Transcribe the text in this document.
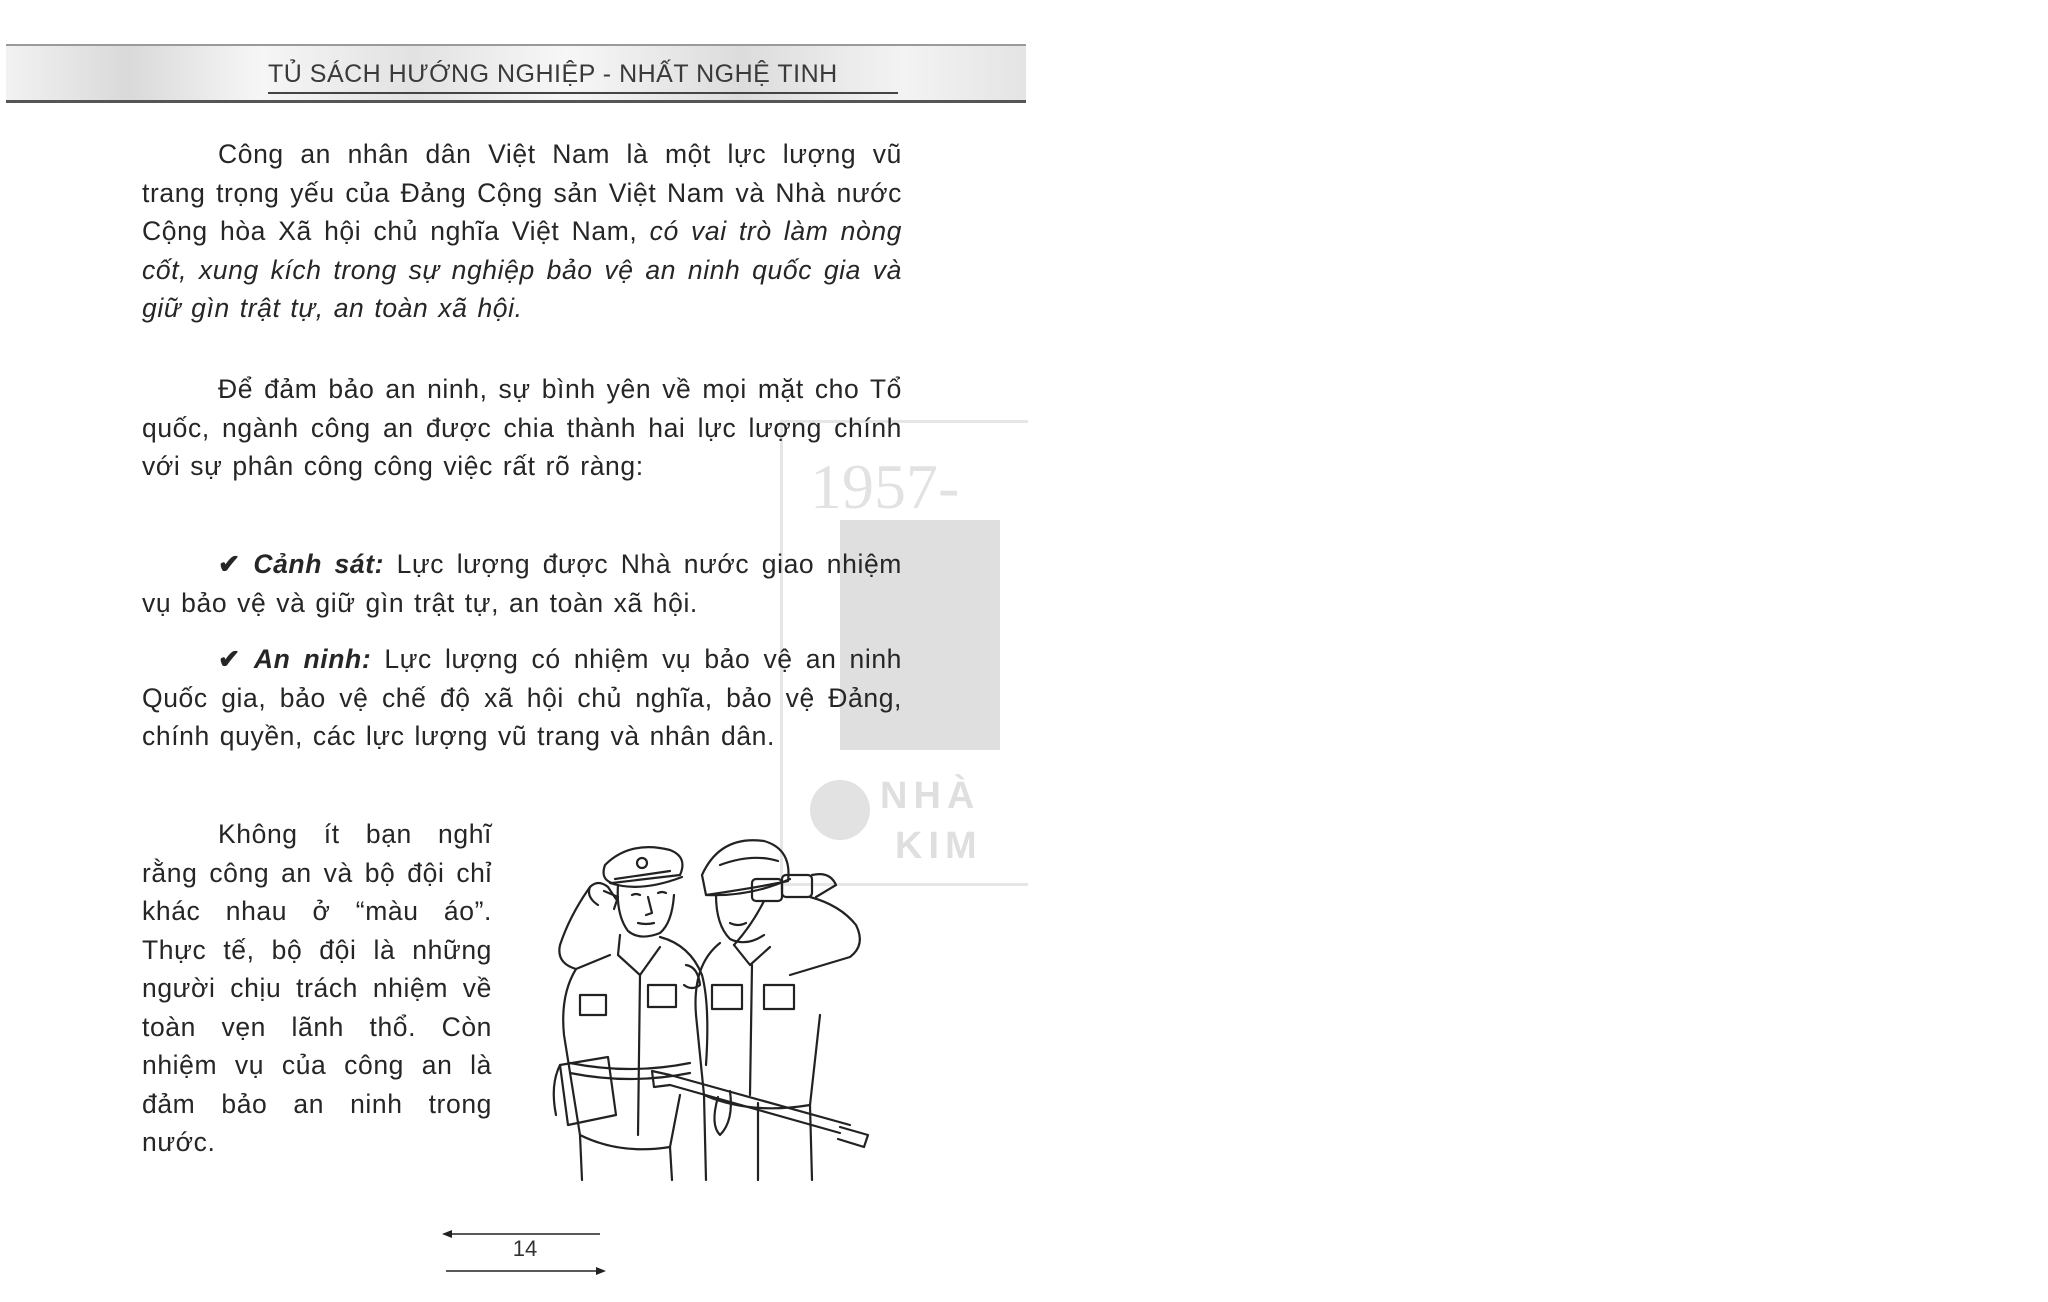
TỦ SÁCH HƯỚNG NGHIỆP - NHẤT NGHỆ TINH
1957-
NHÀ
KIM
Công an nhân dân Việt Nam là một lực lượng vũ trang trọng yếu của Đảng Cộng sản Việt Nam và Nhà nước Cộng hòa Xã hội chủ nghĩa Việt Nam, có vai trò làm nòng cốt, xung kích trong sự nghiệp bảo vệ an ninh quốc gia và giữ gìn trật tự, an toàn xã hội.
Để đảm bảo an ninh, sự bình yên về mọi mặt cho Tổ quốc, ngành công an được chia thành hai lực lượng chính với sự phân công công việc rất rõ ràng:
✔ Cảnh sát: Lực lượng được Nhà nước giao nhiệm vụ bảo vệ và giữ gìn trật tự, an toàn xã hội.
✔ An ninh: Lực lượng có nhiệm vụ bảo vệ an ninh Quốc gia, bảo vệ chế độ xã hội chủ nghĩa, bảo vệ Đảng, chính quyền, các lực lượng vũ trang và nhân dân.
Không ít bạn nghĩ rằng công an và bộ đội chỉ khác nhau ở “màu áo”. Thực tế, bộ đội là những người chịu trách nhiệm về toàn vẹn lãnh thổ. Còn nhiệm vụ của công an là đảm bảo an ninh trong nước.
14
